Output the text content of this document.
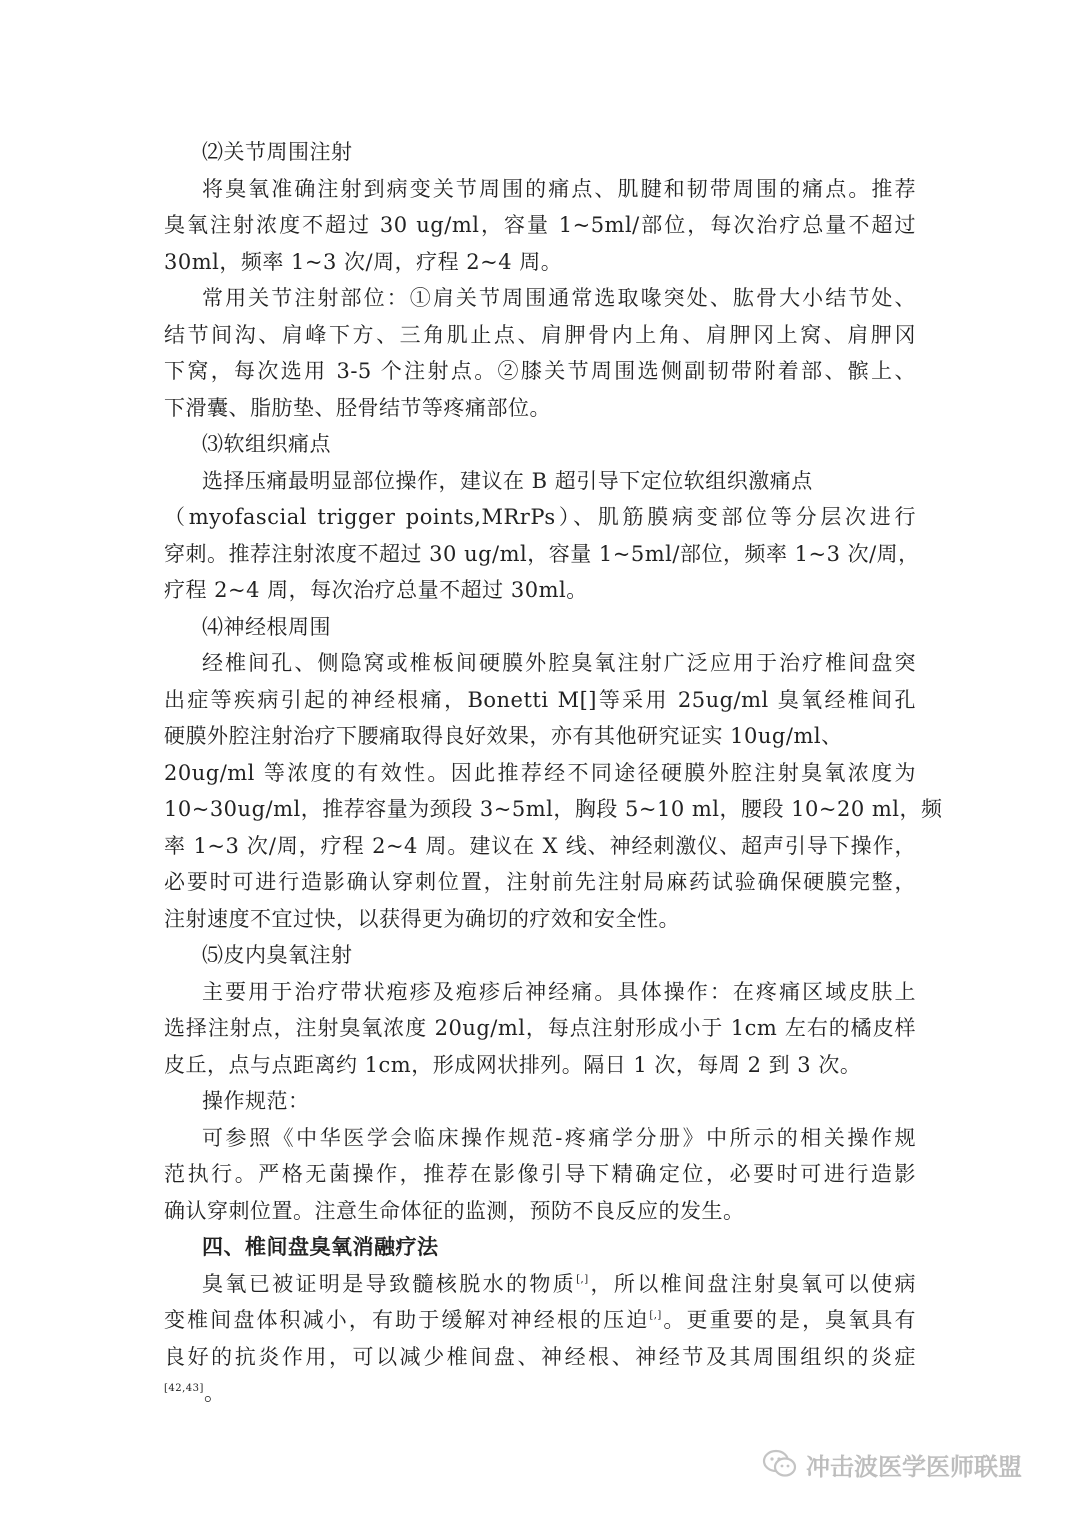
⑵关节周围注射
将臭氧准确注射到病变关节周围的痛点、肌腱和韧带周围的痛点。推荐
臭氧注射浓度不超过 30 ug/ml，容量 1~5ml/部位，每次治疗总量不超过
30ml，频率 1~3 次/周，疗程 2~4 周。
常用关节注射部位：①肩关节周围通常选取喙突处、肱骨大小结节处、
结节间沟、肩峰下方、三角肌止点、肩胛骨内上角、肩胛冈上窝、肩胛冈
下窝，每次选用 3-5 个注射点。②膝关节周围选侧副韧带附着部、髌上、
下滑囊、脂肪垫、胫骨结节等疼痛部位。
⑶软组织痛点
选择压痛最明显部位操作，建议在 B 超引导下定位软组织激痛点
（myofascial trigger points,MRrPs）、肌筋膜病变部位等分层次进行
穿刺。推荐注射浓度不超过 30 ug/ml，容量 1~5ml/部位，频率 1~3 次/周，
疗程 2~4 周，每次治疗总量不超过 30ml。
⑷神经根周围
经椎间孔、侧隐窝或椎板间硬膜外腔臭氧注射广泛应用于治疗椎间盘突
出症等疾病引起的神经根痛，Bonetti M[]等采用 25ug/ml 臭氧经椎间孔
硬膜外腔注射治疗下腰痛取得良好效果，亦有其他研究证实 10ug/ml、
20ug/ml 等浓度的有效性。因此推荐经不同途径硬膜外腔注射臭氧浓度为
10~30ug/ml，推荐容量为颈段 3~5ml，胸段 5~10 ml，腰段 10~20 ml，频
率 1~3 次/周，疗程 2~4 周。建议在 X 线、神经刺激仪、超声引导下操作，
必要时可进行造影确认穿刺位置，注射前先注射局麻药试验确保硬膜完整，
注射速度不宜过快，以获得更为确切的疗效和安全性。
⑸皮内臭氧注射
主要用于治疗带状疱疹及疱疹后神经痛。具体操作：在疼痛区域皮肤上
选择注射点，注射臭氧浓度 20ug/ml，每点注射形成小于 1cm 左右的橘皮样
皮丘，点与点距离约 1cm，形成网状排列。隔日 1 次，每周 2 到 3 次。
操作规范：
可参照《中华医学会临床操作规范-疼痛学分册》中所示的相关操作规
范执行。严格无菌操作，推荐在影像引导下精确定位，必要时可进行造影
确认穿刺位置。注意生命体征的监测，预防不良反应的发生。
四、椎间盘臭氧消融疗法
臭氧已被证明是导致髓核脱水的物质[,]，所以椎间盘注射臭氧可以使病
变椎间盘体积减小，有助于缓解对神经根的压迫[,]。更重要的是，臭氧具有
良好的抗炎作用，可以减少椎间盘、神经根、神经节及其周围组织的炎症
[42,43]。
冲击波医学医师联盟
